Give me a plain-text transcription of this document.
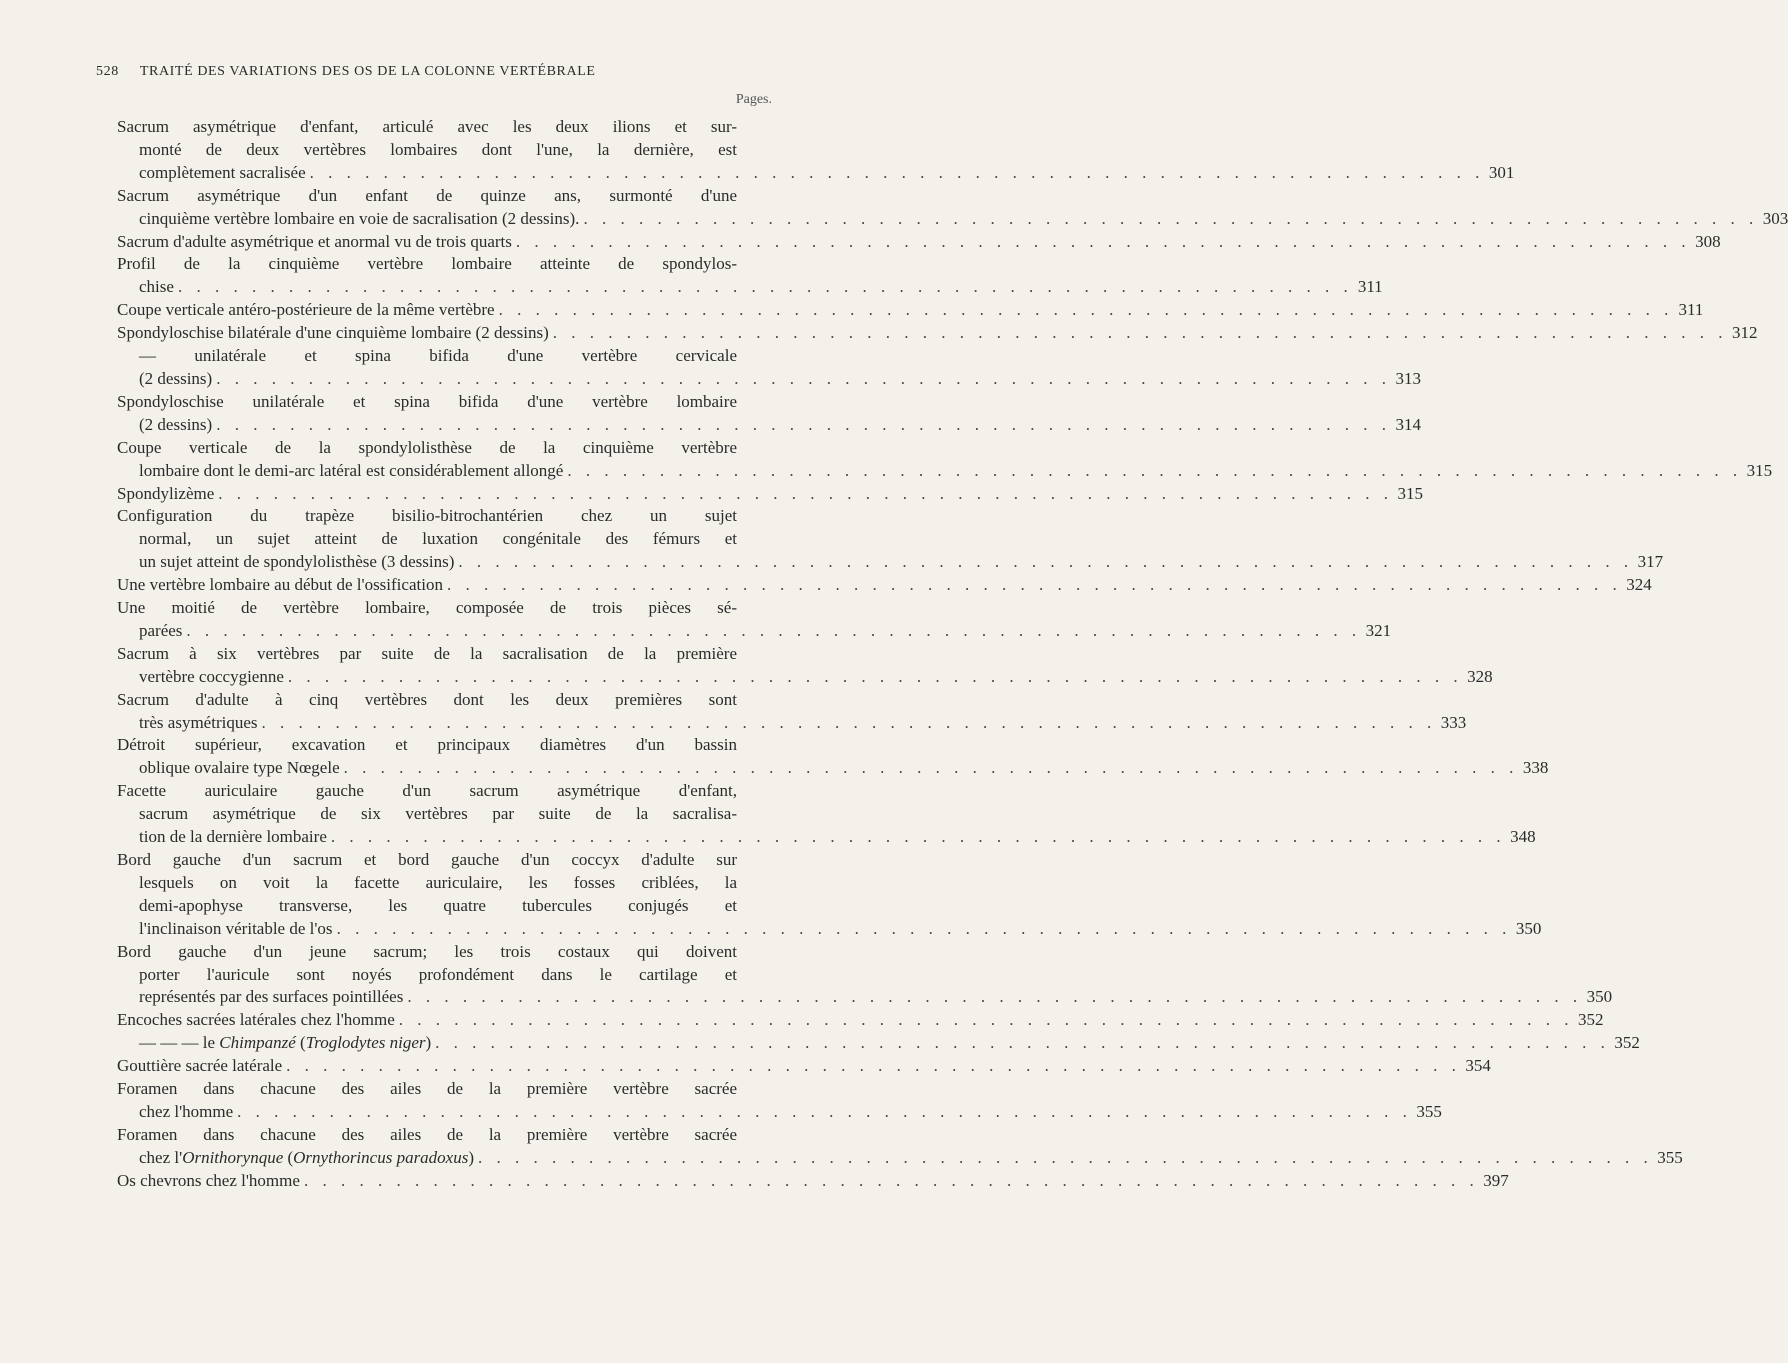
528 TRAITÉ DES VARIATIONS DES OS DE LA COLONNE VERTÉBRALE
Pages.
Sacrum asymétrique d'enfant, articulé avec les deux ilions et sur-
monté de deux vertèbres lombaires dont l'une, la dernière, est
complètement sacralisée . . .	301
Sacrum asymétrique d'un enfant de quinze ans, surmonté d'une
cinquième vertèbre lombaire en voie de sacralisation (2 dessins). . . .	303
Sacrum d'adulte asymétrique et anormal vu de trois quarts . . .	308
Profil de la cinquième vertèbre lombaire atteinte de spondylos-
chise . . .	311
Coupe verticale antéro-postérieure de la même vertèbre . . .	311
Spondyloschise bilatérale d'une cinquième lombaire (2 dessins) . . .	312
— unilatérale et spina bifida d'une vertèbre cervicale
(2 dessins) . . .	313
Spondyloschise unilatérale et spina bifida d'une vertèbre lombaire
(2 dessins) . . .	314
Coupe verticale de la spondylolisthèse de la cinquième vertèbre
lombaire dont le demi-arc latéral est considérablement allongé . . .	315
Spondylizème . . .	315
Configuration du trapèze bisilio-bitrochantérien chez un sujet
normal, un sujet atteint de luxation congénitale des fémurs et
un sujet atteint de spondylolisthèse (3 dessins) . . .	317
Une vertèbre lombaire au début de l'ossification . . .	324
Une moitié de vertèbre lombaire, composée de trois pièces sé-
parées . . .	321
Sacrum à six vertèbres par suite de la sacralisation de la première
vertèbre coccygienne . . .	328
Sacrum d'adulte à cinq vertèbres dont les deux premières sont
très asymétriques . . .	333
Détroit supérieur, excavation et principaux diamètres d'un bassin
oblique ovalaire type Nœgele . . .	338
Facette auriculaire gauche d'un sacrum asymétrique d'enfant,
sacrum asymétrique de six vertèbres par suite de la sacralisa-
tion de la dernière lombaire . . .	348
Bord gauche d'un sacrum et bord gauche d'un coccyx d'adulte sur
lesquels on voit la facette auriculaire, les fosses criblées, la
demi-apophyse transverse, les quatre tubercules conjugés et
l'inclinaison véritable de l'os . . .	350
Bord gauche d'un jeune sacrum; les trois costaux qui doivent
porter l'auricule sont noyés profondément dans le cartilage et
représentés par des surfaces pointillées . . .	350
Encoches sacrées latérales chez l'homme . . .	352
— — — le Chimpanzé (Troglodytes niger) . . .	352
Gouttière sacrée latérale . . .	354
Foramen dans chacune des ailes de la première vertèbre sacrée
chez l'homme . . .	355
Foramen dans chacune des ailes de la première vertèbre sacrée
chez l'Ornithorynque (Ornythorincus paradoxus) . . .	355
Os chevrons chez l'homme . . .	397
